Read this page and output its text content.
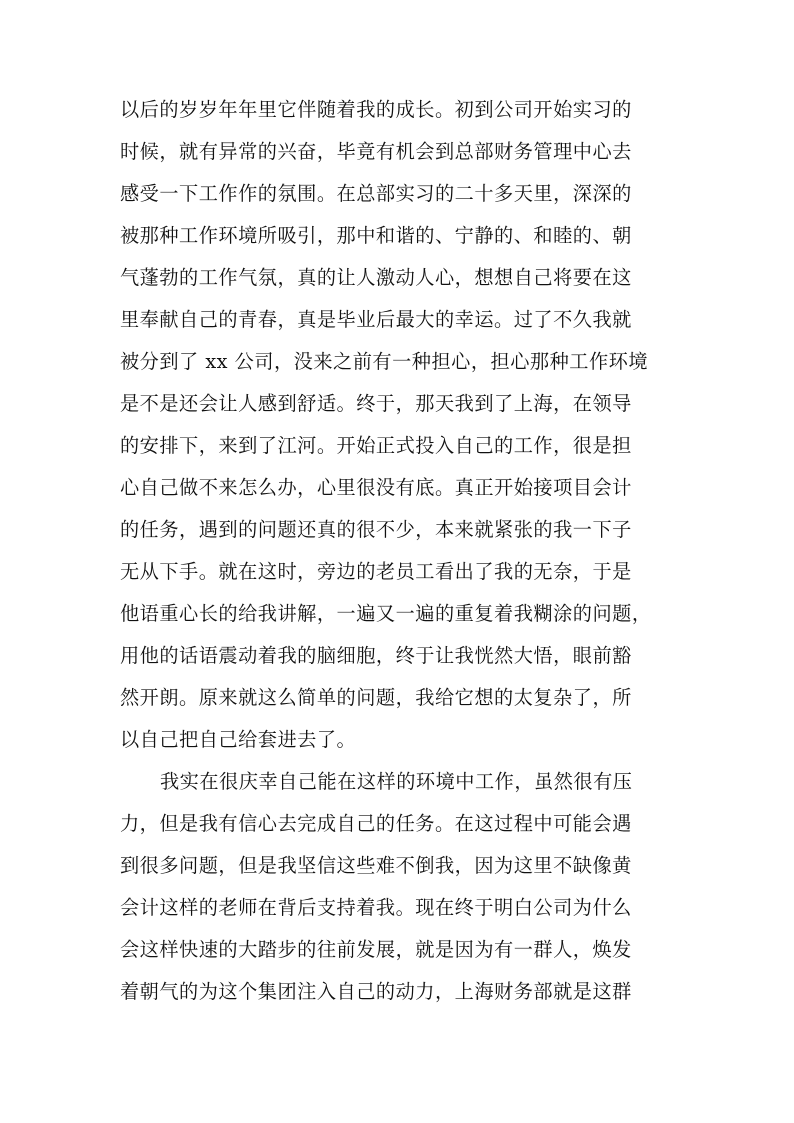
以后的岁岁年年里它伴随着我的成长。初到公司开始实习的
时候，就有异常的兴奋，毕竟有机会到总部财务管理中心去
感受一下工作作的氛围。在总部实习的二十多天里，深深的
被那种工作环境所吸引，那中和谐的、宁静的、和睦的、朝
气蓬勃的工作气氛，真的让人激动人心，想想自己将要在这
里奉献自己的青春，真是毕业后最大的幸运。过了不久我就
被分到了 xx 公司，没来之前有一种担心，担心那种工作环境
是不是还会让人感到舒适。终于，那天我到了上海，在领导
的安排下，来到了江河。开始正式投入自己的工作，很是担
心自己做不来怎么办，心里很没有底。真正开始接项目会计
的任务，遇到的问题还真的很不少，本来就紧张的我一下子
无从下手。就在这时，旁边的老员工看出了我的无奈，于是
他语重心长的给我讲解，一遍又一遍的重复着我糊涂的问题，
用他的话语震动着我的脑细胞，终于让我恍然大悟，眼前豁
然开朗。原来就这么简单的问题，我给它想的太复杂了，所
以自己把自己给套进去了。
我实在很庆幸自己能在这样的环境中工作，虽然很有压
力，但是我有信心去完成自己的任务。在这过程中可能会遇
到很多问题，但是我坚信这些难不倒我，因为这里不缺像黄
会计这样的老师在背后支持着我。现在终于明白公司为什么
会这样快速的大踏步的往前发展，就是因为有一群人，焕发
着朝气的为这个集团注入自己的动力，上海财务部就是这群
